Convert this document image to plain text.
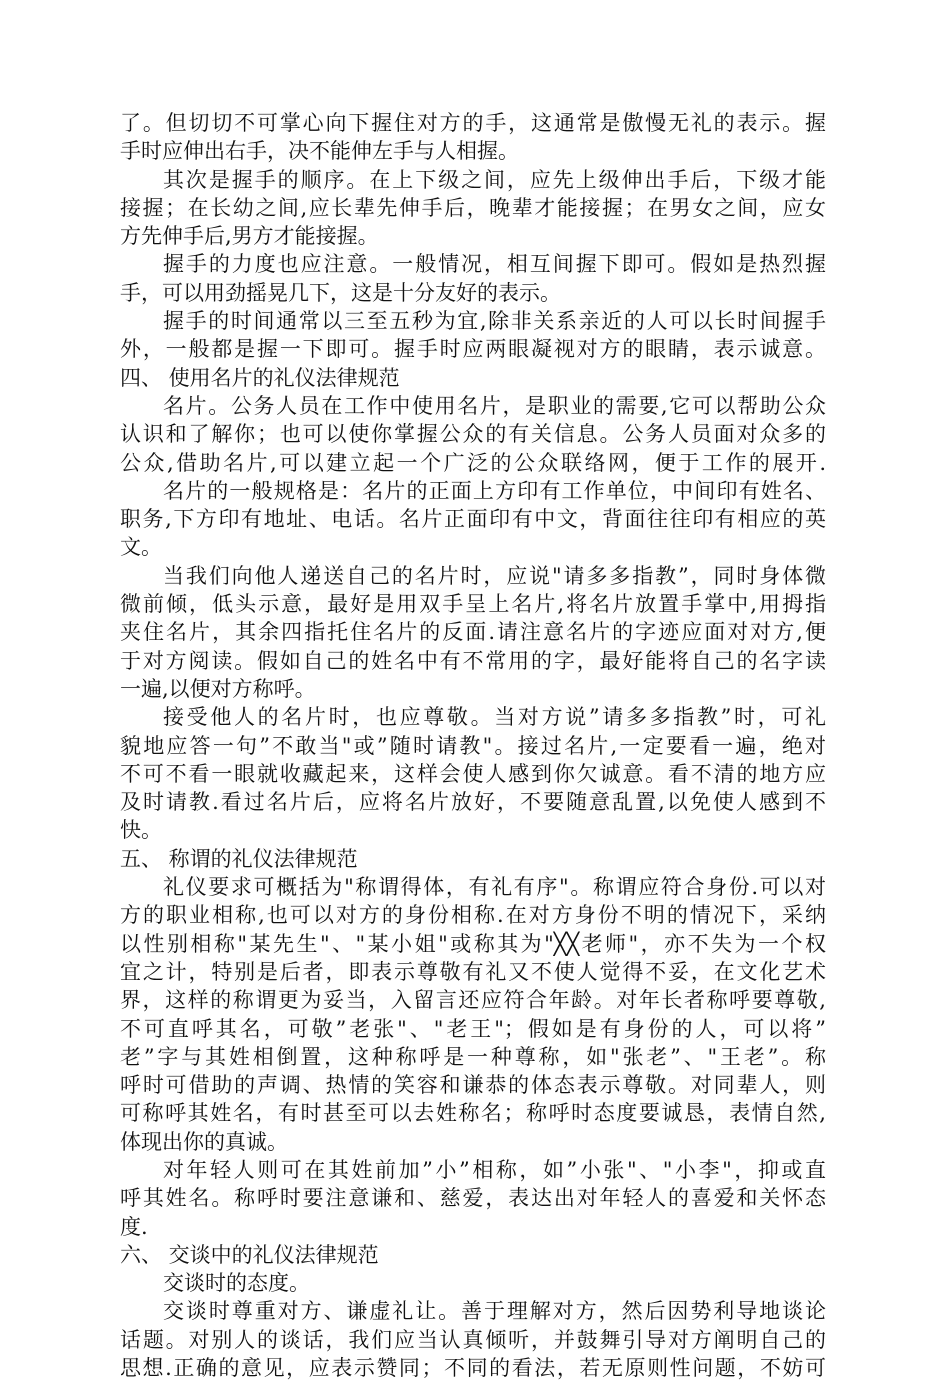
了。但切切不可掌心向下握住对方的手，这通常是傲慢无礼的表示。握
手时应伸出右手，决不能伸左手与人相握。
其次是握手的顺序。在上下级之间，应先上级伸出手后，下级才能
接握；在长幼之间,应长辈先伸手后，晚辈才能接握；在男女之间，应女
方先伸手后,男方才能接握。
握手的力度也应注意。一般情况，相互间握下即可。假如是热烈握
手，可以用劲摇晃几下，这是十分友好的表示。
握手的时间通常以三至五秒为宜,除非关系亲近的人可以长时间握手
外，一般都是握一下即可。握手时应两眼凝视对方的眼睛，表示诚意。
四、 使用名片的礼仪法律规范
名片。公务人员在工作中使用名片，是职业的需要,它可以帮助公众
认识和了解你；也可以使你掌握公众的有关信息。公务人员面对众多的
公众,借助名片,可以建立起一个广泛的公众联络网，便于工作的展开.
名片的一般规格是：名片的正面上方印有工作单位，中间印有姓名、
职务,下方印有地址、电话。名片正面印有中文，背面往往印有相应的英
文。
当我们向他人递送自己的名片时，应说"请多多指教”，同时身体微
微前倾，低头示意，最好是用双手呈上名片,将名片放置手掌中,用拇指
夹住名片，其余四指托住名片的反面.请注意名片的字迹应面对对方,便
于对方阅读。假如自己的姓名中有不常用的字，最好能将自己的名字读
一遍,以便对方称呼。
接受他人的名片时，也应尊敬。当对方说”请多多指教”时，可礼
貌地应答一句”不敢当"或”随时请教"。接过名片,一定要看一遍，绝对
不可不看一眼就收藏起来，这样会使人感到你欠诚意。看不清的地方应
及时请教.看过名片后，应将名片放好，不要随意乱置,以免使人感到不
快。
五、 称谓的礼仪法律规范
礼仪要求可概括为"称谓得体，有礼有序"。称谓应符合身份.可以对
方的职业相称,也可以对方的身份相称.在对方身份不明的情况下，采纳
以性别相称"某先生"、"某小姐"或称其为"╳╳老师"，亦不失为一个权
宜之计，特别是后者，即表示尊敬有礼又不使人觉得不妥，在文化艺术
界，这样的称谓更为妥当，入留言还应符合年龄。对年长者称呼要尊敬,
不可直呼其名，可敬”老张"、"老王"；假如是有身份的人，可以将”
老”字与其姓相倒置，这种称呼是一种尊称，如"张老”、"王老”。称
呼时可借助的声调、热情的笑容和谦恭的体态表示尊敬。对同辈人，则
可称呼其姓名，有时甚至可以去姓称名；称呼时态度要诚恳，表情自然,
体现出你的真诚。
对年轻人则可在其姓前加”小”相称，如”小张"、"小李"，抑或直
呼其姓名。称呼时要注意谦和、慈爱，表达出对年轻人的喜爱和关怀态
度.
六、 交谈中的礼仪法律规范
交谈时的态度。
交谈时尊重对方、谦虚礼让。善于理解对方，然后因势利导地谈论
话题。对别人的谈话，我们应当认真倾听，并鼓舞引导对方阐明自己的
思想.正确的意见，应表示赞同；不同的看法，若无原则性问题，不妨可
